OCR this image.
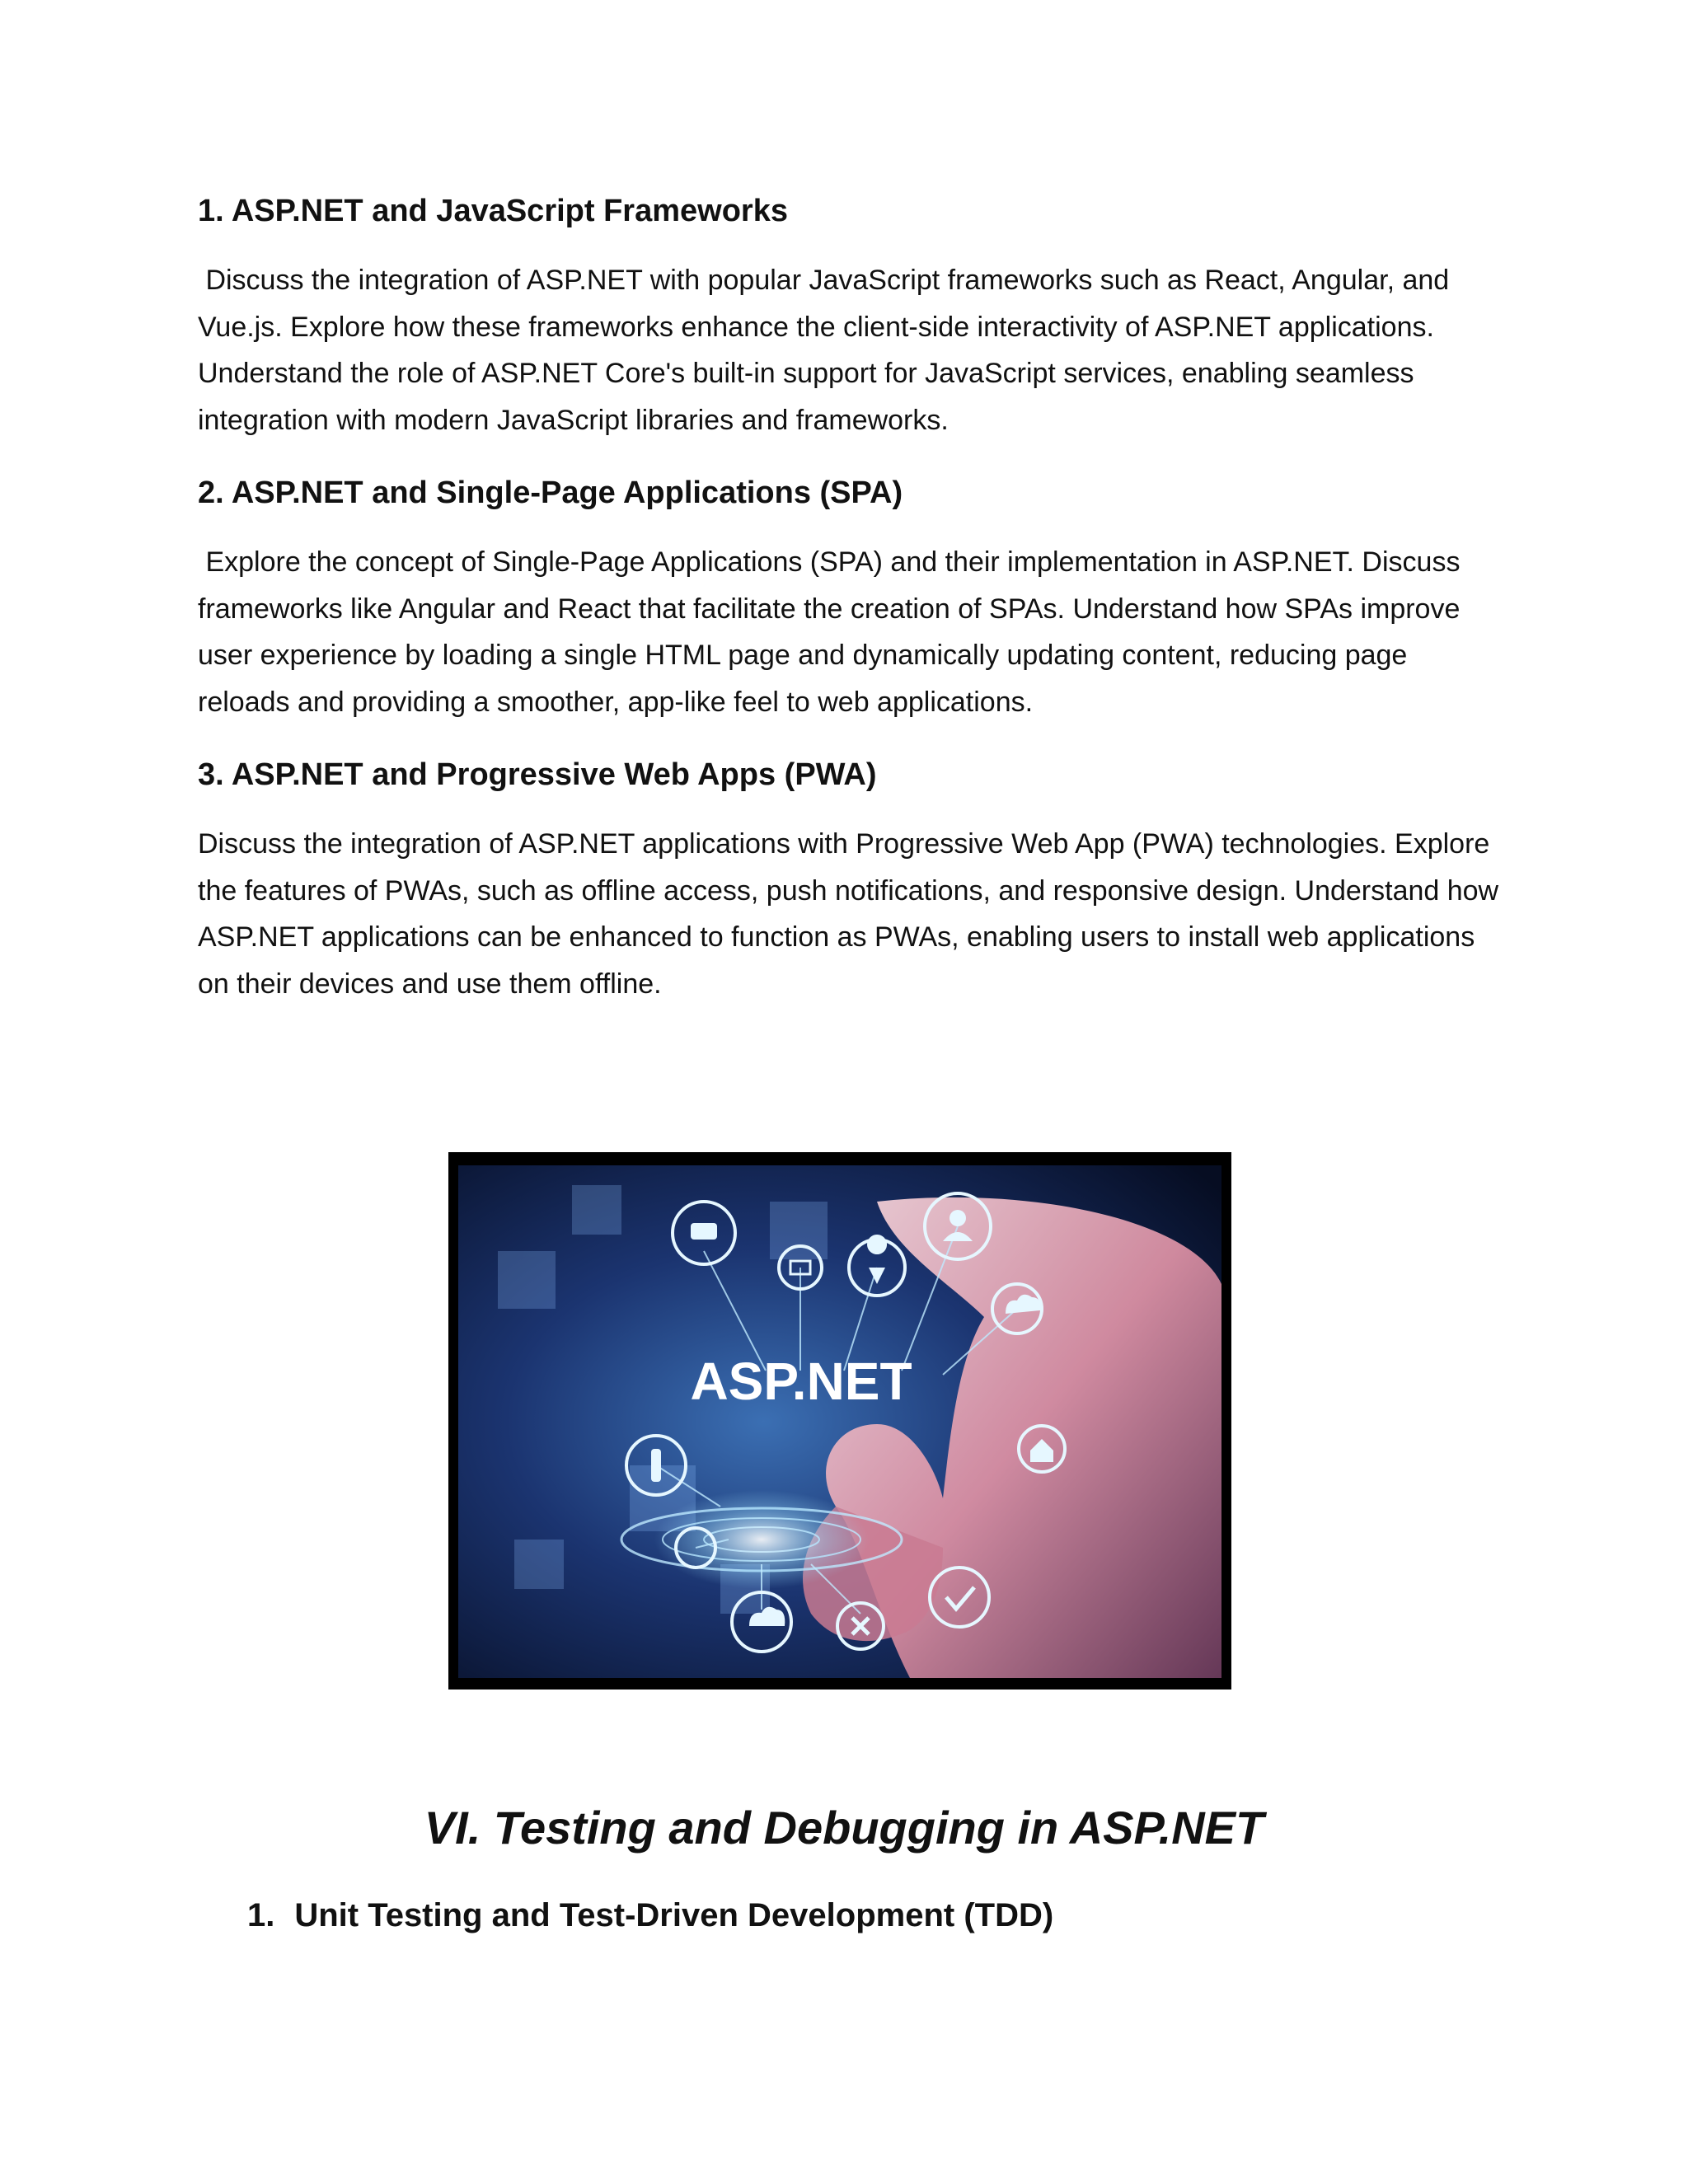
1. ASP.NET and JavaScript Frameworks

Discuss the integration of ASP.NET with popular JavaScript frameworks such as React, Angular, and Vue.js. Explore how these frameworks enhance the client-side interactivity of ASP.NET applications. Understand the role of ASP.NET Core's built-in support for JavaScript services, enabling seamless integration with modern JavaScript libraries and frameworks.

2. ASP.NET and Single-Page Applications (SPA)

Explore the concept of Single-Page Applications (SPA) and their implementation in ASP.NET. Discuss frameworks like Angular and React that facilitate the creation of SPAs. Understand how SPAs improve user experience by loading a single HTML page and dynamically updating content, reducing page reloads and providing a smoother, app-like feel to web applications.

3. ASP.NET and Progressive Web Apps (PWA)

Discuss the integration of ASP.NET applications with Progressive Web App (PWA) technologies. Explore the features of PWAs, such as offline access, push notifications, and responsive design. Understand how ASP.NET applications can be enhanced to function as PWAs, enabling users to install web applications on their devices and use them offline.

ASP.NET
VI. Testing and Debugging in ASP.NET
1. Unit Testing and Test-Driven Development (TDD)
